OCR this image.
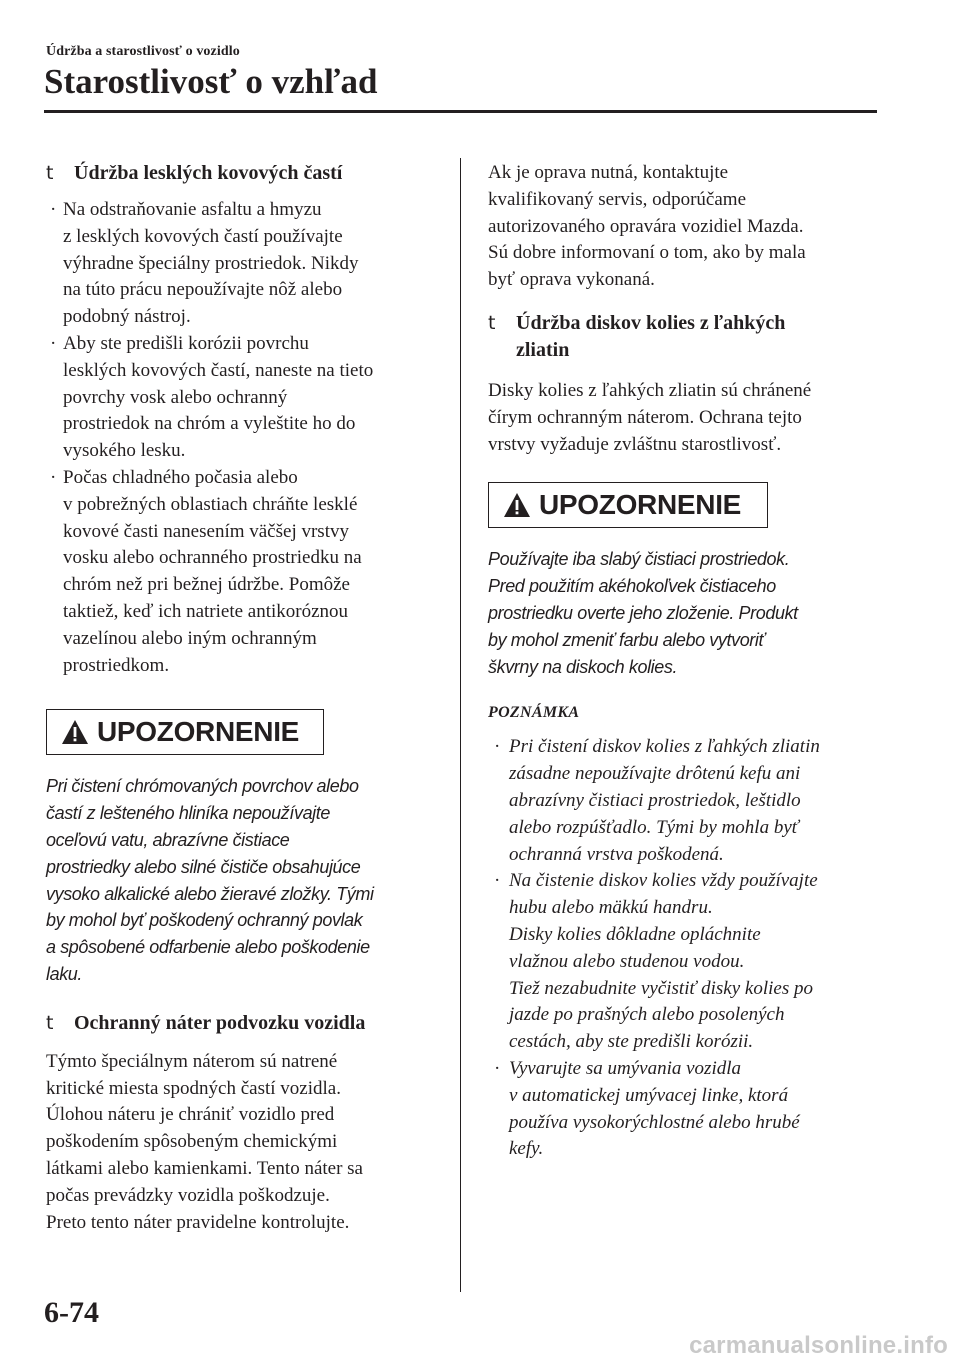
Údržba a starostlivosť o vozidlo
Starostlivosť o vzhľad
t Údržba lesklých kovových častí
· Na odstraňovanie asfaltu a hmyzu
z lesklých kovových častí používajte
výhradne špeciálny prostriedok. Nikdy
na túto prácu nepoužívajte nôž alebo
podobný nástroj.
· Aby ste predišli korózii povrchu
lesklých kovových častí, naneste na tieto
povrchy vosk alebo ochranný
prostriedok na chróm a vyleštite ho do
vysokého lesku.
· Počas chladného počasia alebo
v pobrežných oblastiach chráňte lesklé
kovové časti nanesením väčšej vrstvy
vosku alebo ochranného prostriedku na
chróm než pri bežnej údržbe. Pomôže
taktiež, keď ich natriete antikoróznou
vazelínou alebo iným ochranným
prostriedkom.
UPOZORNENIE

Pri čistení chrómovaných povrchov alebo
častí z lešteného hliníka nepoužívajte
oceľovú vatu, abrazívne čistiace
prostriedky alebo silné čističe obsahujúce
vysoko alkalické alebo žieravé zložky. Tými
by mohol byť poškodený ochranný povlak
a spôsobené odfarbenie alebo poškodenie
laku.

t Ochranný náter podvozku vozidla

Týmto špeciálnym náterom sú natrené
kritické miesta spodných častí vozidla.
Úlohou náteru je chrániť vozidlo pred
poškodením spôsobeným chemickými
látkami alebo kamienkami. Tento náter sa
počas prevádzky vozidla poškodzuje.
Preto tento náter pravidelne kontrolujte.

Ak je oprava nutná, kontaktujte
kvalifikovaný servis, odporúčame
autorizovaného opravára vozidiel Mazda.
Sú dobre informovaní o tom, ako by mala
byť oprava vykonaná.

t Údržba diskov kolies z ľahkých
zliatin

Disky kolies z ľahkých zliatin sú chránené
čírym ochranným náterom. Ochrana tejto
vrstvy vyžaduje zvláštnu starostlivosť.

UPOZORNENIE

Používajte iba slabý čistiaci prostriedok.
Pred použitím akéhokoľvek čistiaceho
prostriedku overte jeho zloženie. Produkt
by mohol zmeniť farbu alebo vytvoriť
škvrny na diskoch kolies.

POZNÁMKA

· Pri čistení diskov kolies z ľahkých zliatin
zásadne nepoužívajte drôtenú kefu ani
abrazívny čistiaci prostriedok, leštidlo
alebo rozpúšťadlo. Tými by mohla byť
ochranná vrstva poškodená.
· Na čistenie diskov kolies vždy používajte
hubu alebo mäkkú handru.
Disky kolies dôkladne opláchnite
vlažnou alebo studenou vodou.
Tiež nezabudnite vyčistiť disky kolies po
jazde po prašných alebo posolených
cestách, aby ste predišli korózii.
· Vyvarujte sa umývania vozidla
v automatickej umývacej linke, ktorá
používa vysokorýchlostné alebo hrubé
kefy.
6-74
carmanualsonline.info
